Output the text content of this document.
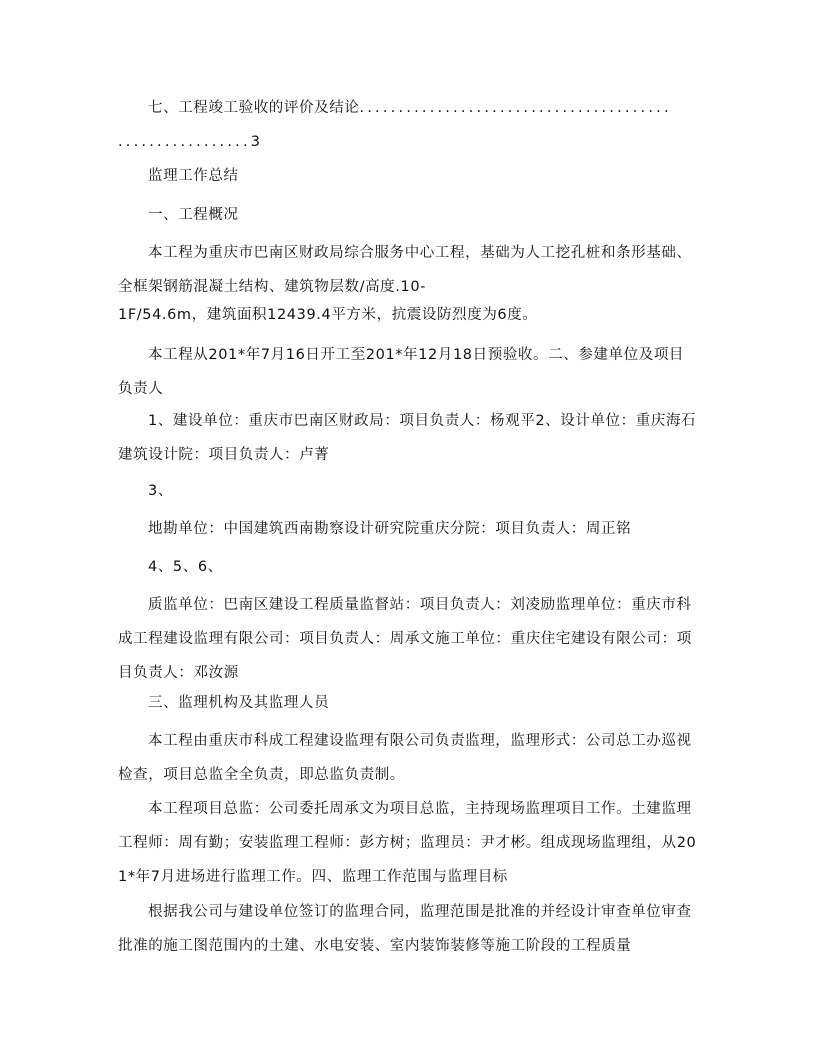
七、工程竣工验收的评价及结论........................................
.................3
监理工作总结
一、工程概况
本工程为重庆市巴南区财政局综合服务中心工程，基础为人工挖孔桩和条形基础、全框架钢筋混凝土结构、建筑物层数/高度.10-
1F/54.6m，建筑面积12439.4平方米，抗震设防烈度为6度。
本工程从201*年7月16日开工至201*年12月18日预验收。二、参建单位及项目负责人
1、建设单位：重庆市巴南区财政局：项目负责人：杨观平2、设计单位：重庆海石建筑设计院：项目负责人：卢菁
3、
地勘单位：中国建筑西南勘察设计研究院重庆分院：项目负责人：周正铭
4、5、6、
质监单位：巴南区建设工程质量监督站：项目负责人：刘凌励监理单位：重庆市科成工程建设监理有限公司：项目负责人：周承文施工单位：重庆住宅建设有限公司：项目负责人：邓汝源
三、监理机构及其监理人员
本工程由重庆市科成工程建设监理有限公司负责监理，监理形式：公司总工办巡视检查，项目总监全全负责，即总监负责制。
本工程项目总监：公司委托周承文为项目总监，主持现场监理项目工作。土建监理工程师：周有勤；安装监理工程师：彭方树；监理员：尹才彬。组成现场监理组，从201*年7月进场进行监理工作。四、监理工作范围与监理目标
根据我公司与建设单位签订的监理合同，监理范围是批准的并经设计审查单位审查批准的施工图范围内的土建、水电安装、室内装饰装修等施工阶段的工程质量
